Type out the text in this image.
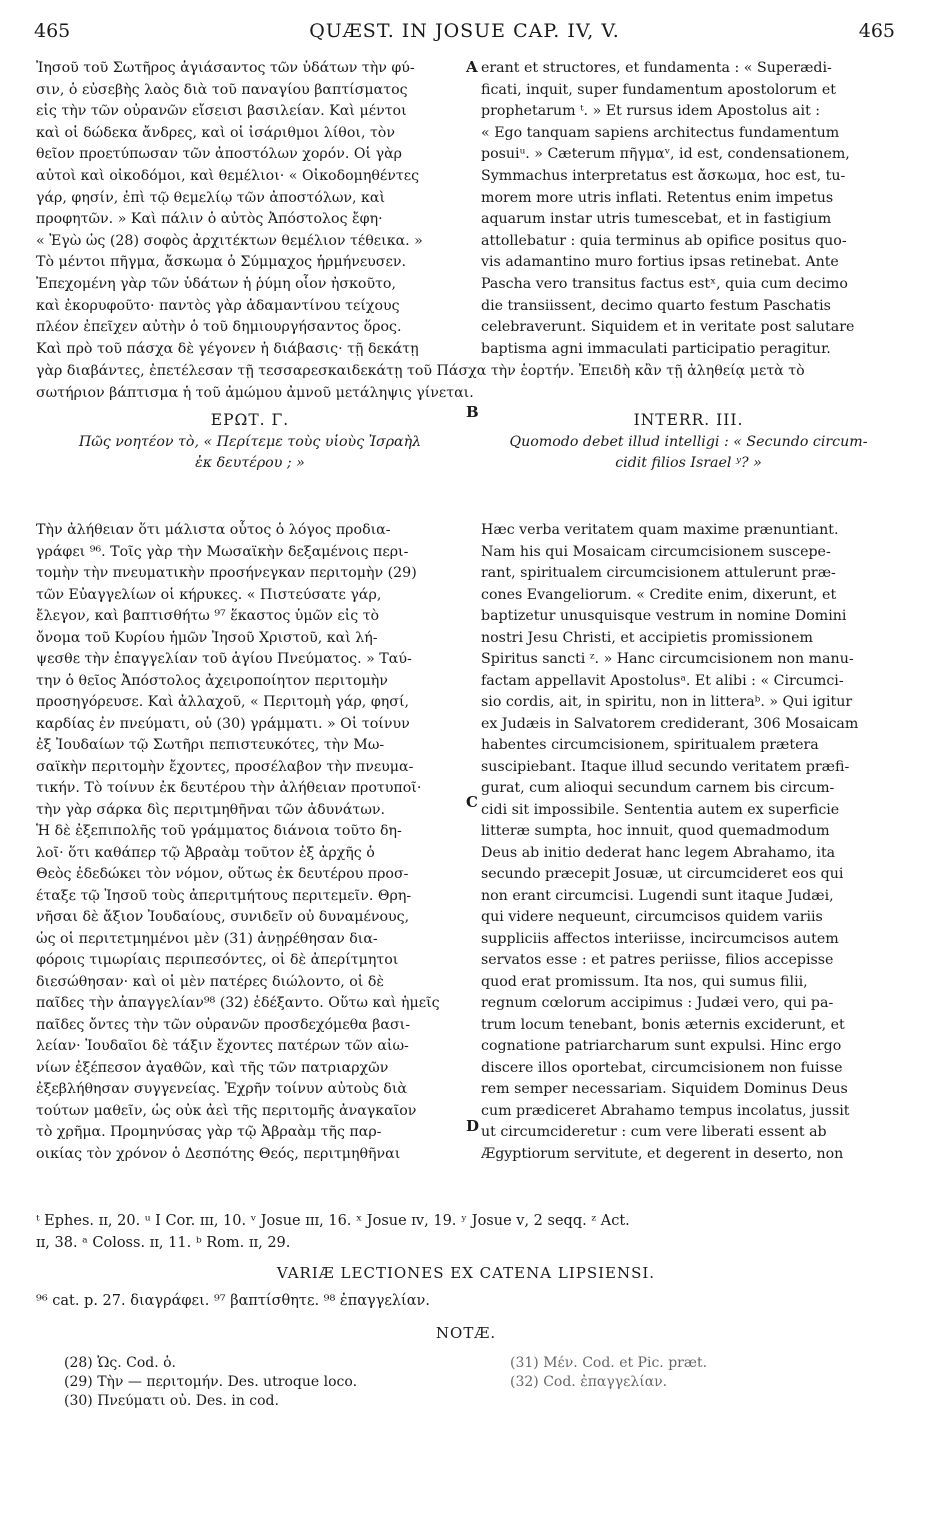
465	QUÆST. IN JOSUE CAP. IV, V.	465
Ἰησοῦ τοῦ Σωτῆρος ἁγιάσαντος τῶν ὑδάτων τὴν φύ-
σιν, ὁ εὐσεβὴς λαὸς διὰ τοῦ παναγίου βαπτίσματος
εἰς τὴν τῶν οὐρανῶν εἴσεισι βασιλείαν. Καὶ μέντοι
καὶ οἱ δώδεκα ἄνδρες, καὶ οἱ ἰσάριθμοι λίθοι, τὸν
θεῖον προετύπωσαν τῶν ἀποστόλων χορόν. Οἱ γὰρ
αὐτοὶ καὶ οἰκοδόμοι, καὶ θεμέλιοι· « Οἰκοδομηθέντες
γάρ, φησίν, ἐπὶ τῷ θεμελίῳ τῶν ἀποστόλων, καὶ
προφητῶν. » Καὶ πάλιν ὁ αὐτὸς Ἀπόστολος ἔφη·
« Ἐγὼ ὡς (28) σοφὸς ἀρχιτέκτων θεμέλιον τέθεικα. »
Τὸ μέντοι πῆγμα, ἄσκωμα ὁ Σύμμαχος ἡρμήνευσεν.
Ἐπεχομένη γὰρ τῶν ὑδάτων ἡ ῥύμη οἷον ἠσκοῦτο,
καὶ ἐκορυφοῦτο· παντὸς γὰρ ἀδαμαντίνου τείχους
πλέον ἐπεῖχεν αὐτὴν ὁ τοῦ δημιουργήσαντος ὅρος.
Καὶ πρὸ τοῦ πάσχα δὲ γέγονεν ἡ διάβασις· τῇ δεκάτῃ
A erant et structores, et fundamenta : « Superædi-
ficati, inquit, super fundamentum apostolorum et
prophetarum ᵗ. » Et rursus idem Apostolus ait :
« Ego tanquam sapiens architectus fundamentum
posuiᵘ. » Cæterum πῆγμαᵛ, id est, condensationem,
Symmachus interpretatus est ἄσκωμα, hoc est, tu-
morem more utris inflati. Retentus enim impetus
aquarum instar utris tumescebat, et in fastigium
attollebatur : quia terminus ab opifice positus quo-
vis adamantino muro fortius ipsas retinebat. Ante
Pascha vero transitus factus estˣ, quia cum decimo
die transiissent, decimo quarto festum Paschatis
celebraverunt. Siquidem et in veritate post salutare
baptisma agni immaculati participatio peragitur.
γὰρ διαβάντες, ἐπετέλεσαν τῇ τεσσαρεσκαιδεκάτῃ τοῦ Πάσχα τὴν ἑορτήν. Ἐπειδὴ κἂν τῇ ἀληθείᾳ μετὰ τὸ
σωτήριον βάπτισμα ἡ τοῦ ἀμώμου ἀμνοῦ μετάληψις γίνεται.
ΕΡΩΤ. Γ.
Πῶς νοητέον τὸ, « Περίτεμε τοὺς υἱοὺς Ἰσραὴλ
ἐκ δευτέρου ; »
B	INTERR. III.
Quomodo debet illud intelligi : « Secundo circum-
cidit filios Israel ʸ? »
Τὴν ἀλήθειαν ὅτι μάλιστα οὗτος ὁ λόγος προδια-
γράφει ⁹⁶. Τοῖς γὰρ τὴν Μωσαϊκὴν δεξαμένοις περι-
τομὴν τὴν πνευματικὴν προσήνεγκαν περιτομὴν (29)
τῶν Εὐαγγελίων οἱ κήρυκες. « Πιστεύσατε γάρ,
ἔλεγον, καὶ βαπτισθήτω ⁹⁷ ἕκαστος ὑμῶν εἰς τὸ
ὄνομα τοῦ Κυρίου ἡμῶν Ἰησοῦ Χριστοῦ, καὶ λή-
ψεσθε τὴν ἐπαγγελίαν τοῦ ἁγίου Πνεύματος. » Ταύ-
την ὁ θεῖος Ἀπόστολος ἀχειροποίητον περιτομὴν
προσηγόρευσε. Καὶ ἀλλαχοῦ, « Περιτομὴ γάρ, φησί,
καρδίας ἐν πνεύματι, οὐ (30) γράμματι. » Οἱ τοίνυν
ἐξ Ἰουδαίων τῷ Σωτῆρι πεπιστευκότες, τὴν Μω-
σαϊκὴν περιτομὴν ἔχοντες, προσέλαβον τὴν πνευμα-
τικήν. Τὸ τοίνυν ἐκ δευτέρου τὴν ἀλήθειαν προτυποῖ·
τὴν γὰρ σάρκα δὶς περιτμηθῆναι τῶν ἀδυνάτων.
Ἡ δὲ ἐξεπιπολῆς τοῦ γράμματος διάνοια τοῦτο δη-
λοῖ· ὅτι καθάπερ τῷ Ἀβραὰμ τοῦτον ἐξ ἀρχῆς ὁ
Θεὸς ἐδεδώκει τὸν νόμον, οὕτως ἐκ δευτέρου προσ-
έταξε τῷ Ἰησοῦ τοὺς ἀπεριτμήτους περιτεμεῖν. Θρη-
νῆσαι δὲ ἄξιον Ἰουδαίους, συνιδεῖν οὐ δυναμένους,
ὡς οἱ περιτετμημένοι μὲν (31) ἀνῃρέθησαν δια-
φόροις τιμωρίαις περιπεσόντες, οἱ δὲ ἀπερίτμητοι
διεσώθησαν· καὶ οἱ μὲν πατέρες διώλοντο, οἱ δὲ
παῖδες τὴν ἀπαγγελίαν⁹⁸ (32) ἐδέξαντο. Οὕτω καὶ ἡμεῖς
παῖδες ὄντες τὴν τῶν οὐρανῶν προσδεχόμεθα βασι-
λείαν· Ἰουδαῖοι δὲ τάξιν ἔχοντες πατέρων τῶν αἰω-
νίων ἐξέπεσον ἀγαθῶν, καὶ τῆς τῶν πατριαρχῶν
ἐξεβλήθησαν συγγενείας. Ἐχρῆν τοίνυν αὐτοὺς διὰ
τούτων μαθεῖν, ὡς οὐκ ἀεὶ τῆς περιτομῆς ἀναγκαῖον
τὸ χρῆμα. Προμηνύσας γὰρ τῷ Ἀβραὰμ τῆς παρ-
οικίας τὸν χρόνον ὁ Δεσπότης Θεός, περιτμηθῆναι
C
D
Hæc verba veritatem quam maxime prænuntiant.
Nam his qui Mosaicam circumcisionem suscepe-
rant, spiritualem circumcisionem attulerunt præ-
cones Evangeliorum. « Credite enim, dixerunt, et
baptizetur unusquisque vestrum in nomine Domini
nostri Jesu Christi, et accipietis promissionem
Spiritus sancti ᶻ. » Hanc circumcisionem non manu-
factam appellavit Apostolusᵃ. Et alibi : « Circumci-
sio cordis, ait, in spiritu, non in litteraᵇ. » Qui igitur
ex Judæis in Salvatorem crediderant, 306 Mosaicam
habentes circumcisionem, spiritualem prætera
suscipiebant. Itaque illud secundo veritatem præfi-
gurat, cum alioqui secundum carnem bis circum-
cidi sit impossibile. Sententia autem ex superficie
litteræ sumpta, hoc innuit, quod quemadmodum
Deus ab initio dederat hanc legem Abrahamo, ita
secundo præcepit Josuæ, ut circumcideret eos qui
non erant circumcisi. Lugendi sunt itaque Judæi,
qui videre nequeunt, circumcisos quidem variis
suppliciis affectos interiisse, incircumcisos autem
servatos esse : et patres periisse, filios accepisse
quod erat promissum. Ita nos, qui sumus filii,
regnum cœlorum accipimus : Judæi vero, qui pa-
trum locum tenebant, bonis æternis exciderunt, et
cognatione patriarcharum sunt expulsi. Hinc ergo
discere illos oportebat, circumcisionem non fuisse
rem semper necessariam. Siquidem Dominus Deus
cum prædiceret Abrahamo tempus incolatus, jussit
ut circumcideretur : cum vere liberati essent ab
Ægyptiorum servitute, et degerent in deserto, non
ᵗ Ephes. ɪɪ, 20. ᵘ I Cor. ɪɪɪ, 10. ᵛ Josue ɪɪɪ, 16. ˣ Josue ɪᴠ, 19. ʸ Josue ᴠ, 2 seqq. ᶻ Act.
ɪɪ, 38. ᵃ Coloss. ɪɪ, 11. ᵇ Rom. ɪɪ, 29.
VARIÆ LECTIONES EX CATENA LIPSIENSI.
⁹⁶ cat. p. 27. διαγράφει. ⁹⁷ βαπτίσθητε. ⁹⁸ ἐπαγγελίαν.
NOTÆ.
(28) Ὡς. Cod. ὁ.
(29) Τὴν — περιτομήν. Des. utroque loco.
(30) Πνεύματι οὐ. Des. in cod.
(31) Μέν. Cod. et Pic. præt.
(32) Cod. ἐπαγγελίαν.
